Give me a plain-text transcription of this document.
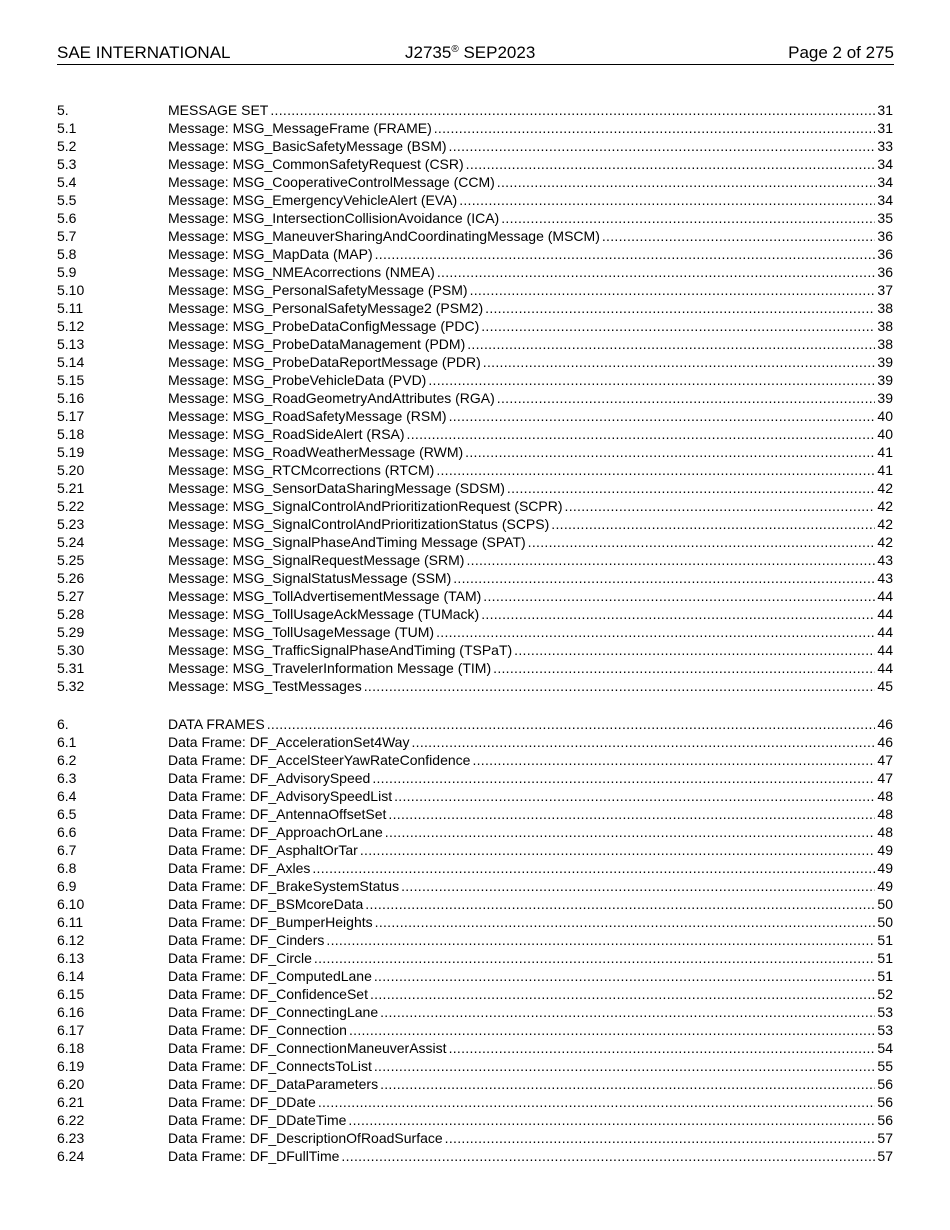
SAE INTERNATIONAL	J2735® SEP2023	Page 2 of 275
5.	MESSAGE SET . . .	31
5.1	Message: MSG_MessageFrame (FRAME) . . .	31
5.2	Message: MSG_BasicSafetyMessage (BSM) . . .	33
5.3	Message: MSG_CommonSafetyRequest (CSR) . . .	34
5.4	Message: MSG_CooperativeControlMessage (CCM) . . .	34
5.5	Message: MSG_EmergencyVehicleAlert (EVA) . . .	34
5.6	Message: MSG_IntersectionCollisionAvoidance (ICA) . . .	35
5.7	Message: MSG_ManeuverSharingAndCoordinatingMessage (MSCM) . . .	36
5.8	Message: MSG_MapData (MAP) . . .	36
5.9	Message: MSG_NMEAcorrections (NMEA) . . .	36
5.10	Message: MSG_PersonalSafetyMessage (PSM) . . .	37
5.11	Message: MSG_PersonalSafetyMessage2 (PSM2) . . .	38
5.12	Message: MSG_ProbeDataConfigMessage (PDC) . . .	38
5.13	Message: MSG_ProbeDataManagement (PDM) . . .	38
5.14	Message: MSG_ProbeDataReportMessage (PDR) . . .	39
5.15	Message: MSG_ProbeVehicleData (PVD) . . .	39
5.16	Message: MSG_RoadGeometryAndAttributes (RGA) . . .	39
5.17	Message: MSG_RoadSafetyMessage (RSM) . . .	40
5.18	Message: MSG_RoadSideAlert (RSA) . . .	40
5.19	Message: MSG_RoadWeatherMessage (RWM) . . .	41
5.20	Message: MSG_RTCMcorrections (RTCM) . . .	41
5.21	Message: MSG_SensorDataSharingMessage (SDSM) . . .	42
5.22	Message: MSG_SignalControlAndPrioritizationRequest (SCPR) . . .	42
5.23	Message: MSG_SignalControlAndPrioritizationStatus (SCPS) . . .	42
5.24	Message: MSG_SignalPhaseAndTiming Message (SPAT) . . .	42
5.25	Message: MSG_SignalRequestMessage (SRM) . . .	43
5.26	Message: MSG_SignalStatusMessage (SSM) . . .	43
5.27	Message: MSG_TollAdvertisementMessage (TAM) . . .	44
5.28	Message: MSG_TollUsageAckMessage (TUMack) . . .	44
5.29	Message: MSG_TollUsageMessage (TUM) . . .	44
5.30	Message: MSG_TrafficSignalPhaseAndTiming (TSPaT) . . .	44
5.31	Message: MSG_TravelerInformation Message (TIM) . . .	44
5.32	Message: MSG_TestMessages . . .	45
6.	DATA FRAMES . . .	46
6.1	Data Frame: DF_AccelerationSet4Way . . .	46
6.2	Data Frame: DF_AccelSteerYawRateConfidence . . .	47
6.3	Data Frame: DF_AdvisorySpeed . . .	47
6.4	Data Frame: DF_AdvisorySpeedList . . .	48
6.5	Data Frame: DF_AntennaOffsetSet . . .	48
6.6	Data Frame: DF_ApproachOrLane . . .	48
6.7	Data Frame: DF_AsphaltOrTar . . .	49
6.8	Data Frame: DF_Axles . . .	49
6.9	Data Frame: DF_BrakeSystemStatus . . .	49
6.10	Data Frame: DF_BSMcoreData . . .	50
6.11	Data Frame: DF_BumperHeights . . .	50
6.12	Data Frame: DF_Cinders . . .	51
6.13	Data Frame: DF_Circle . . .	51
6.14	Data Frame: DF_ComputedLane . . .	51
6.15	Data Frame: DF_ConfidenceSet . . .	52
6.16	Data Frame: DF_ConnectingLane . . .	53
6.17	Data Frame: DF_Connection . . .	53
6.18	Data Frame: DF_ConnectionManeuverAssist . . .	54
6.19	Data Frame: DF_ConnectsToList . . .	55
6.20	Data Frame: DF_DataParameters . . .	56
6.21	Data Frame: DF_DDate . . .	56
6.22	Data Frame: DF_DDateTime . . .	56
6.23	Data Frame: DF_DescriptionOfRoadSurface . . .	57
6.24	Data Frame: DF_DFullTime . . .	57
